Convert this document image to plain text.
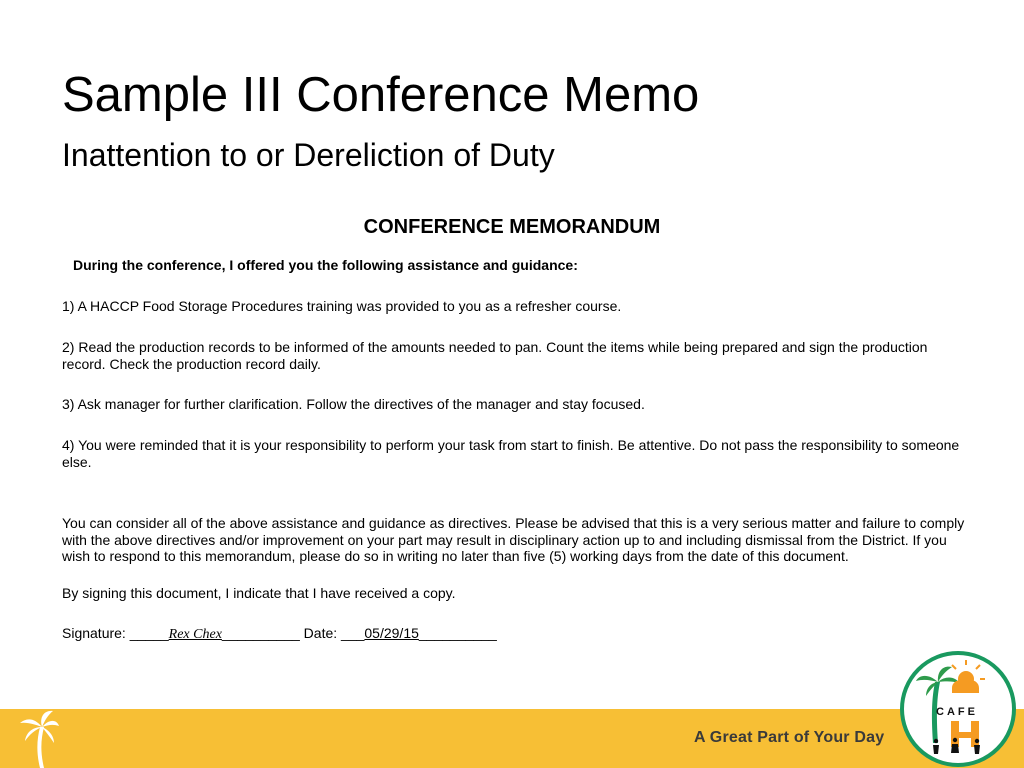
Sample III Conference Memo
Inattention to or Dereliction of Duty
CONFERENCE MEMORANDUM
During the conference, I offered you the following assistance and guidance:
1) A HACCP Food Storage Procedures training was provided to you as a refresher course.
2) Read the production records to be informed of the amounts needed to pan. Count the items while being prepared and sign the production record. Check the production record daily.
3) Ask manager for further clarification. Follow the directives of the manager and stay focused.
4) You were reminded that it is your responsibility to perform your task from start to finish. Be attentive. Do not pass the responsibility to someone else.
You can consider all of the above assistance and guidance as directives. Please be advised that this is a very serious matter and failure to comply with the above directives and/or improvement on your part may result in disciplinary action up to and including dismissal from the District. If you wish to respond to this memorandum, please do so in writing no later than five (5) working days from the date of this document.
By signing this document, I indicate that I have received a copy.
Signature: _____Rex Chex__________ Date: ___05/29/15__________
A Great Part of Your Day
CAFE
